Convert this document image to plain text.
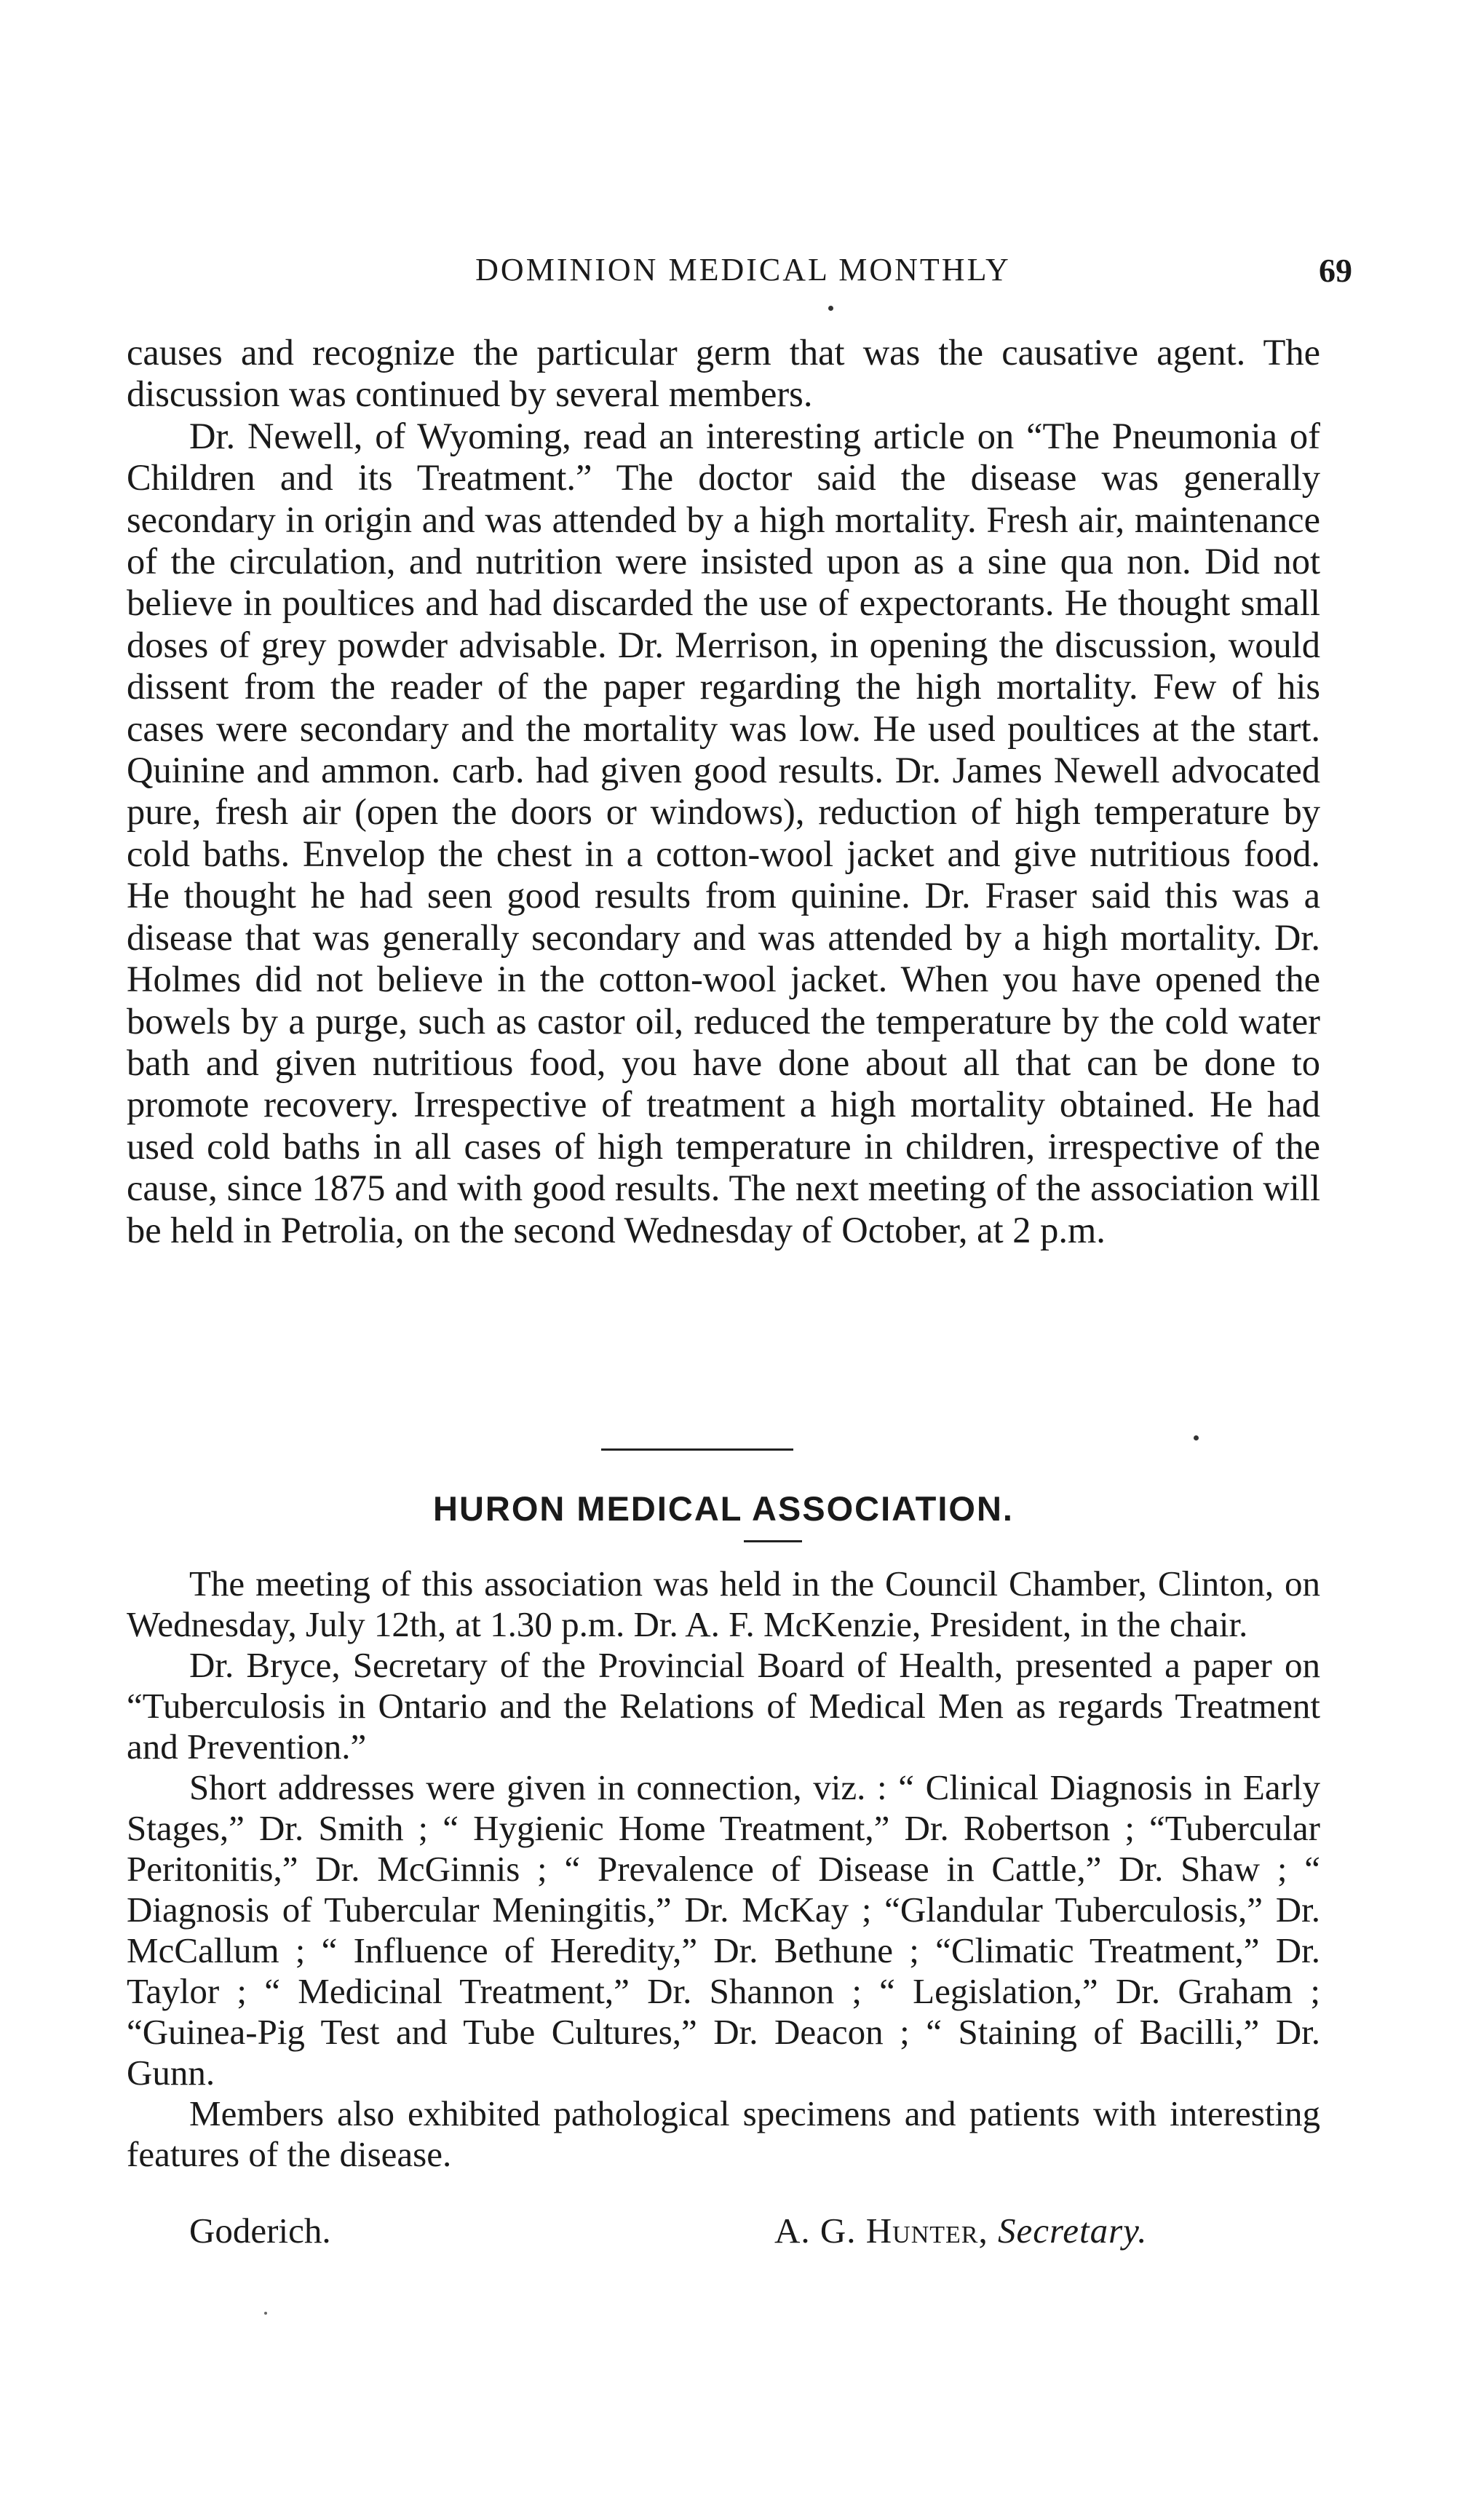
DOMINION MEDICAL MONTHLY	69

causes and recognize the particular germ that was the causative agent. The discussion was continued by several members.

Dr. Newell, of Wyoming, read an interesting article on “The Pneumonia of Children and its Treatment.” The doctor said the disease was generally secondary in origin and was attended by a high mortality. Fresh air, maintenance of the circulation, and nutrition were insisted upon as a sine qua non. Did not believe in poultices and had discarded the use of expectorants. He thought small doses of grey powder advisable. Dr. Merrison, in opening the discussion, would dissent from the reader of the paper regarding the high mortality. Few of his cases were secondary and the mortality was low. He used poultices at the start. Quinine and ammon. carb. had given good results. Dr. James Newell advocated pure, fresh air (open the doors or windows), reduction of high temperature by cold baths. Envelop the chest in a cotton-wool jacket and give nutritious food. He thought he had seen good results from quinine. Dr. Fraser said this was a disease that was generally secondary and was attended by a high mortality. Dr. Holmes did not believe in the cotton-wool jacket. When you have opened the bowels by a purge, such as castor oil, reduced the temperature by the cold water bath and given nutritious food, you have done about all that can be done to promote recovery. Irrespective of treatment a high mortality obtained. He had used cold baths in all cases of high temperature in children, irrespective of the cause, since 1875 and with good results. The next meeting of the association will be held in Petrolia, on the second Wednesday of October, at 2 p.m.

HURON MEDICAL ASSOCIATION.

The meeting of this association was held in the Council Chamber, Clinton, on Wednesday, July 12th, at 1.30 p.m. Dr. A. F. McKenzie, President, in the chair.

Dr. Bryce, Secretary of the Provincial Board of Health, presented a paper on “Tuberculosis in Ontario and the Relations of Medical Men as regards Treatment and Prevention.”

Short addresses were given in connection, viz. : “ Clinical Diagnosis in Early Stages,” Dr. Smith ; “ Hygienic Home Treatment,” Dr. Robertson ; “Tubercular Peritonitis,” Dr. McGinnis ; “ Prevalence of Disease in Cattle,” Dr. Shaw ; “ Diagnosis of Tubercular Meningitis,” Dr. McKay ; “Glandular Tuberculosis,” Dr. McCallum ; “ Influence of Heredity,” Dr. Bethune ; “Climatic Treatment,” Dr. Taylor ; “ Medicinal Treatment,” Dr. Shannon ; “ Legislation,” Dr. Graham ; “Guinea-Pig Test and Tube Cultures,” Dr. Deacon ; “ Staining of Bacilli,” Dr. Gunn.

Members also exhibited pathological specimens and patients with interesting features of the disease.

Goderich.	A. G. Hunter, Secretary.
